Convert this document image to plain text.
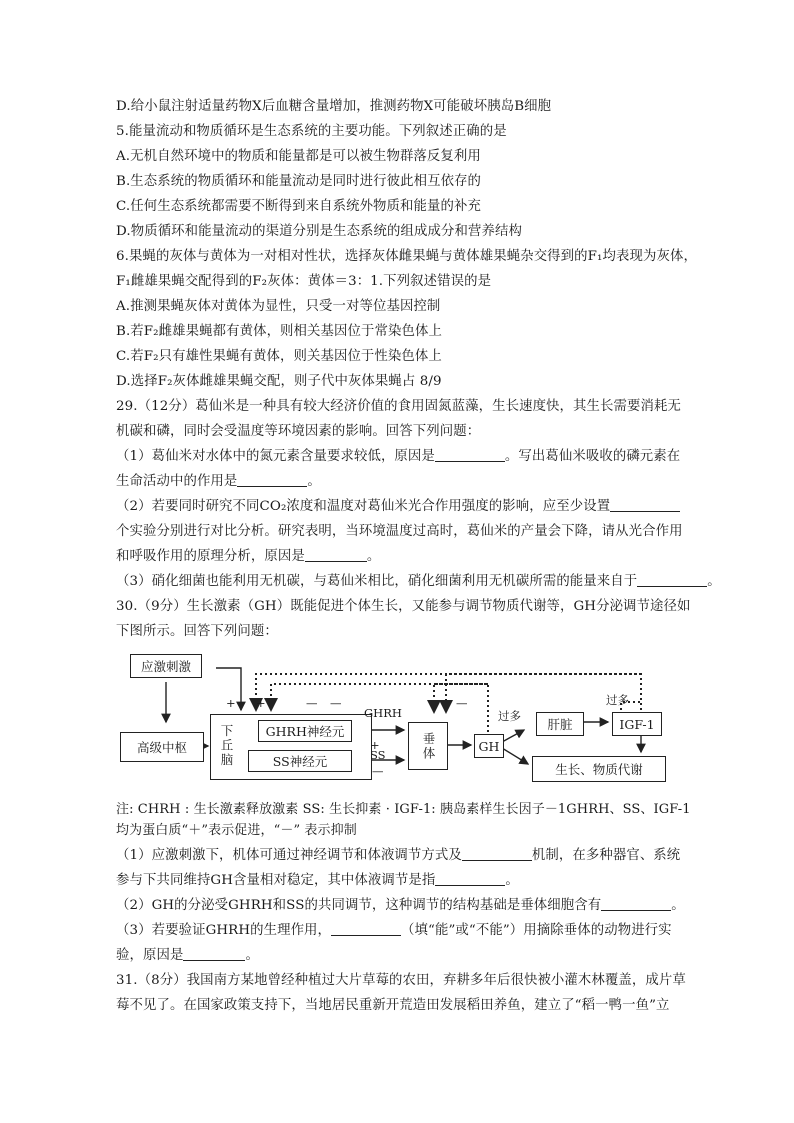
D.给小鼠注射适量药物X后血糖含量增加，推测药物X可能破坏胰岛B细胞
5.能量流动和物质循环是生态系统的主要功能。下列叙述正确的是
A.无机自然环境中的物质和能量都是可以被生物群落反复利用
B.生态系统的物质循环和能量流动是同时进行彼此相互依存的
C.任何生态系统都需要不断得到来自系统外物质和能量的补充
D.物质循环和能量流动的渠道分别是生态系统的组成成分和营养结构
6.果蝇的灰体与黄体为一对相对性状，选择灰体雌果蝇与黄体雄果蝇杂交得到的F₁均表现为灰体，
F₁雌雄果蝇交配得到的F₂灰体：黄体＝3：1.下列叙述错误的是
A.推测果蝇灰体对黄体为显性，只受一对等位基因控制
B.若F₂雌雄果蝇都有黄体，则相关基因位于常染色体上
C.若F₂只有雄性果蝇有黄体，则关基因位于性染色体上
D.选择F₂灰体雌雄果蝇交配，则子代中灰体果蝇占 8/9
29.（12分）葛仙米是一种具有较大经济价值的食用固氮蓝藻，生长速度快，其生长需要消耗无
机碳和磷，同时会受温度等环境因素的影响。回答下列问题：
（1）葛仙米对水体中的氮元素含量要求较低，原因是	。写出葛仙米吸收的磷元素在
生命活动中的作用是	。
（2）若要同时研究不同CO₂浓度和温度对葛仙米光合作用强度的影响，应至少设置
个实验分别进行对比分析。研究表明，当环境温度过高时，葛仙米的产量会下降，请从光合作用
和呼吸作用的原理分析，原因是	。
（3）硝化细菌也能利用无机碳，与葛仙米相比，硝化细菌利用无机碳所需的能量来自于	。
30.（9分）生长激素（GH）既能促进个体生长，又能参与调节物质代谢等，GH分泌调节途径如
下图所示。回答下列问题：
应激刺激
高级中枢	下丘脑	GHRH神经元
SS神经元
垂体	GH
肝脏	IGF-1
生长、物质代谢
GHRH
+
SS
—
+ +	— —	—
过多
过多
注: CHRH : 生长激素释放激素 SS: 生长抑素 · IGF-1: 胰岛素样生长因子－1GHRH、SS、IGF-1
均为蛋白质“＋”表示促进，“－” 表示抑制
（1）应激刺激下，机体可通过神经调节和体液调节方式及	机制，在多种器官、系统
参与下共同维持GH含量相对稳定，其中体液调节是指	。
（2）GH的分泌受GHRH和SS的共同调节，这种调节的结构基础是垂体细胞含有	。
（3）若要验证GHRH的生理作用，	（填“能”或“不能”）用摘除垂体的动物进行实
验，原因是	。
31.（8分）我国南方某地曾经种植过大片草莓的农田，弃耕多年后很快被小灌木林覆盖，成片草
莓不见了。在国家政策支持下，当地居民重新开荒造田发展稻田养鱼，建立了“稻一鸭一鱼”立
